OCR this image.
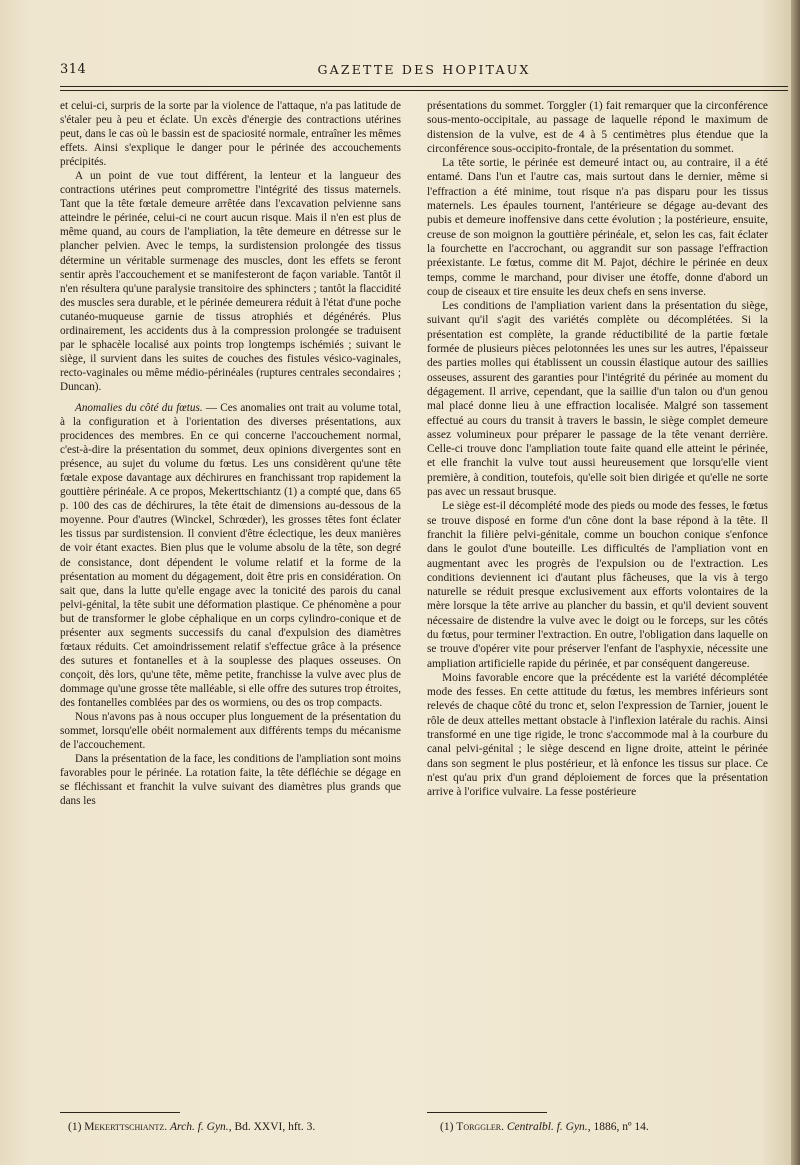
314	GAZETTE DES HOPITAUX

et celui-ci, surpris de la sorte par la violence de l'attaque, n'a pas latitude de s'étaler peu à peu et éclate. Un excès d'énergie des contractions utérines peut, dans le cas où le bassin est de spaciosité normale, entraîner les mêmes effets. Ainsi s'explique le danger pour le périnée des accouchements précipités.

A un point de vue tout différent, la lenteur et la langueur des contractions utérines peut compromettre l'intégrité des tissus maternels. Tant que la tête fœtale demeure arrêtée dans l'excavation pelvienne sans atteindre le périnée, celui-ci ne court aucun risque. Mais il n'en est plus de même quand, au cours de l'ampliation, la tête demeure en détresse sur le plancher pelvien. Avec le temps, la surdistension prolongée des tissus détermine un véritable surmenage des muscles, dont les effets se feront sentir après l'accouchement et se manifesteront de façon variable. Tantôt il n'en résultera qu'une paralysie transitoire des sphincters ; tantôt la flaccidité des muscles sera durable, et le périnée demeurera réduit à l'état d'une poche cutanéo-muqueuse garnie de tissus atrophiés et dégénérés. Plus ordinairement, les accidents dus à la compression prolongée se traduisent par le sphacèle localisé aux points trop longtemps ischémiés ; suivant le siège, il survient dans les suites de couches des fistules vésico-vaginales, recto-vaginales ou même médio-périnéales (ruptures centrales secondaires ; Duncan).

Anomalies du côté du fœtus. — Ces anomalies ont trait au volume total, à la configuration et à l'orientation des diverses présentations, aux procidences des membres. En ce qui concerne l'accouchement normal, c'est-à-dire la présentation du sommet, deux opinions divergentes sont en présence, au sujet du volume du fœtus. Les uns considèrent qu'une tête fœtale expose davantage aux déchirures en franchissant trop rapidement la gouttière périnéale. A ce propos, Mekerttschiantz (1) a compté que, dans 65 p. 100 des cas de déchirures, la tête était de dimensions au-dessous de la moyenne. Pour d'autres (Winckel, Schrœder), les grosses têtes font éclater les tissus par surdistension. Il convient d'être éclectique, les deux manières de voir étant exactes. Bien plus que le volume absolu de la tête, son degré de consistance, dont dépendent le volume relatif et la forme de la présentation au moment du dégagement, doit être pris en considération. On sait que, dans la lutte qu'elle engage avec la tonicité des parois du canal pelvi-génital, la tête subit une déformation plastique. Ce phénomène a pour but de transformer le globe céphalique en un corps cylindro-conique et de présenter aux segments successifs du canal d'expulsion des diamètres fœtaux réduits. Cet amoindrissement relatif s'effectue grâce à la présence des sutures et fontanelles et à la souplesse des plaques osseuses. On conçoit, dès lors, qu'une tête, même petite, franchisse la vulve avec plus de dommage qu'une grosse tête malléable, si elle offre des sutures trop étroites, des fontanelles comblées par des os wormiens, ou des os trop compacts.

Nous n'avons pas à nous occuper plus longuement de la présentation du sommet, lorsqu'elle obéit normalement aux différents temps du mécanisme de l'accouchement.

Dans la présentation de la face, les conditions de l'ampliation sont moins favorables pour le périnée. La rotation faite, la tête défléchie se dégage en se fléchissant et franchit la vulve suivant des diamètres plus grands que dans les

présentations du sommet. Torggler (1) fait remarquer que la circonférence sous-mento-occipitale, au passage de laquelle répond le maximum de distension de la vulve, est de 4 à 5 centimètres plus étendue que la circonférence sous-occipito-frontale, de la présentation du sommet.

La tête sortie, le périnée est demeuré intact ou, au contraire, il a été entamé. Dans l'un et l'autre cas, mais surtout dans le dernier, même si l'effraction a été minime, tout risque n'a pas disparu pour les tissus maternels. Les épaules tournent, l'antérieure se dégage au-devant des pubis et demeure inoffensive dans cette évolution ; la postérieure, ensuite, creuse de son moignon la gouttière périnéale, et, selon les cas, fait éclater la fourchette en l'accrochant, ou aggrandit sur son passage l'effraction préexistante. Le fœtus, comme dit M. Pajot, déchire le périnée en deux temps, comme le marchand, pour diviser une étoffe, donne d'abord un coup de ciseaux et tire ensuite les deux chefs en sens inverse.

Les conditions de l'ampliation varient dans la présentation du siège, suivant qu'il s'agit des variétés complète ou décomplétées. Si la présentation est complète, la grande réductibilité de la partie fœtale formée de plusieurs pièces pelotonnées les unes sur les autres, l'épaisseur des parties molles qui établissent un coussin élastique autour des saillies osseuses, assurent des garanties pour l'intégrité du périnée au moment du dégagement. Il arrive, cependant, que la saillie d'un talon ou d'un genou mal placé donne lieu à une effraction localisée. Malgré son tassement effectué au cours du transit à travers le bassin, le siège complet demeure assez volumineux pour préparer le passage de la tête venant derrière. Celle-ci trouve donc l'ampliation toute faite quand elle atteint le périnée, et elle franchit la vulve tout aussi heureusement que lorsqu'elle vient première, à condition, toutefois, qu'elle soit bien dirigée et qu'elle ne sorte pas avec un ressaut brusque.

Le siège est-il décomplété mode des pieds ou mode des fesses, le fœtus se trouve disposé en forme d'un cône dont la base répond à la tête. Il franchit la filière pelvi-génitale, comme un bouchon conique s'enfonce dans le goulot d'une bouteille. Les difficultés de l'ampliation vont en augmentant avec les progrès de l'expulsion ou de l'extraction. Les conditions deviennent ici d'autant plus fâcheuses, que la vis à tergo naturelle se réduit presque exclusivement aux efforts volontaires de la mère lorsque la tête arrive au plancher du bassin, et qu'il devient souvent nécessaire de distendre la vulve avec le doigt ou le forceps, sur les côtés du fœtus, pour terminer l'extraction. En outre, l'obligation dans laquelle on se trouve d'opérer vite pour préserver l'enfant de l'asphyxie, nécessite une ampliation artificielle rapide du périnée, et par conséquent dangereuse.

Moins favorable encore que la précédente est la variété décomplétée mode des fesses. En cette attitude du fœtus, les membres inférieurs sont relevés de chaque côté du tronc et, selon l'expression de Tarnier, jouent le rôle de deux attelles mettant obstacle à l'inflexion latérale du rachis. Ainsi transformé en une tige rigide, le tronc s'accommode mal à la courbure du canal pelvi-génital ; le siège descend en ligne droite, atteint le périnée dans son segment le plus postérieur, et là enfonce les tissus sur place. Ce n'est qu'au prix d'un grand déploiement de forces que la présentation arrive à l'orifice vulvaire. La fesse postérieure

(1) Mekerttschiantz. Arch. f. Gyn., Bd. XXVI, hft. 3.	(1) Torggler. Centralbl. f. Gyn., 1886, nº 14.
